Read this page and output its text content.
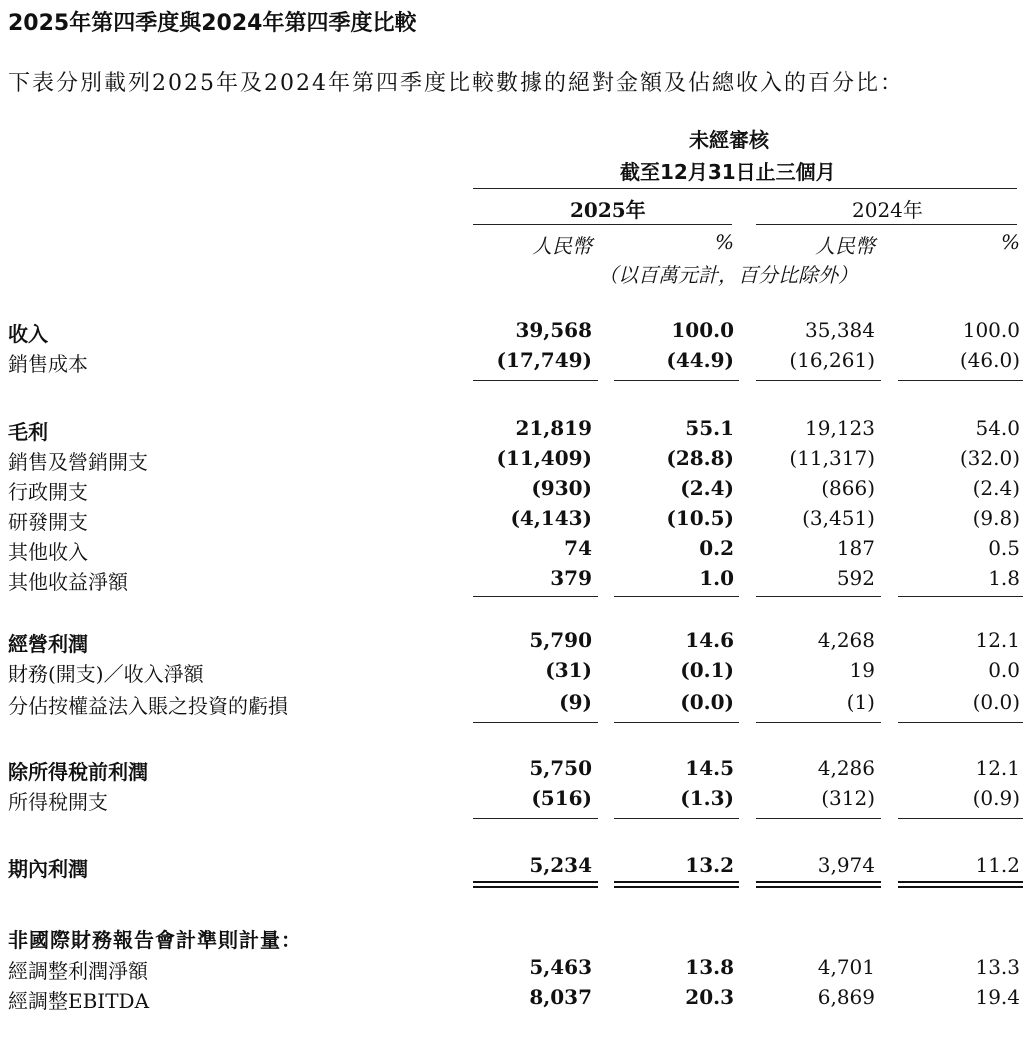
2025年第四季度與2024年第四季度比較
下表分別載列2025年及2024年第四季度比較數據的絕對金額及佔總收入的百分比：
未經審核
截至12月31日止三個月
2025年	2024年
人民幣	%	人民幣	%
（以百萬元計，百分比除外）
收入	39,568	100.0	35,384	100.0
銷售成本	(17,749)	(44.9)	(16,261)	(46.0)
毛利	21,819	55.1	19,123	54.0
銷售及營銷開支	(11,409)	(28.8)	(11,317)	(32.0)
行政開支	(930)	(2.4)	(866)	(2.4)
研發開支	(4,143)	(10.5)	(3,451)	(9.8)
其他收入	74	0.2	187	0.5
其他收益淨額	379	1.0	592	1.8
經營利潤	5,790	14.6	4,268	12.1
財務(開支)／收入淨額	(31)	(0.1)	19	0.0
分佔按權益法入賬之投資的虧損	(9)	(0.0)	(1)	(0.0)
除所得稅前利潤	5,750	14.5	4,286	12.1
所得稅開支	(516)	(1.3)	(312)	(0.9)
期內利潤	5,234	13.2	3,974	11.2
非國際財務報告會計準則計量：
經調整利潤淨額	5,463	13.8	4,701	13.3
經調整EBITDA	8,037	20.3	6,869	19.4
